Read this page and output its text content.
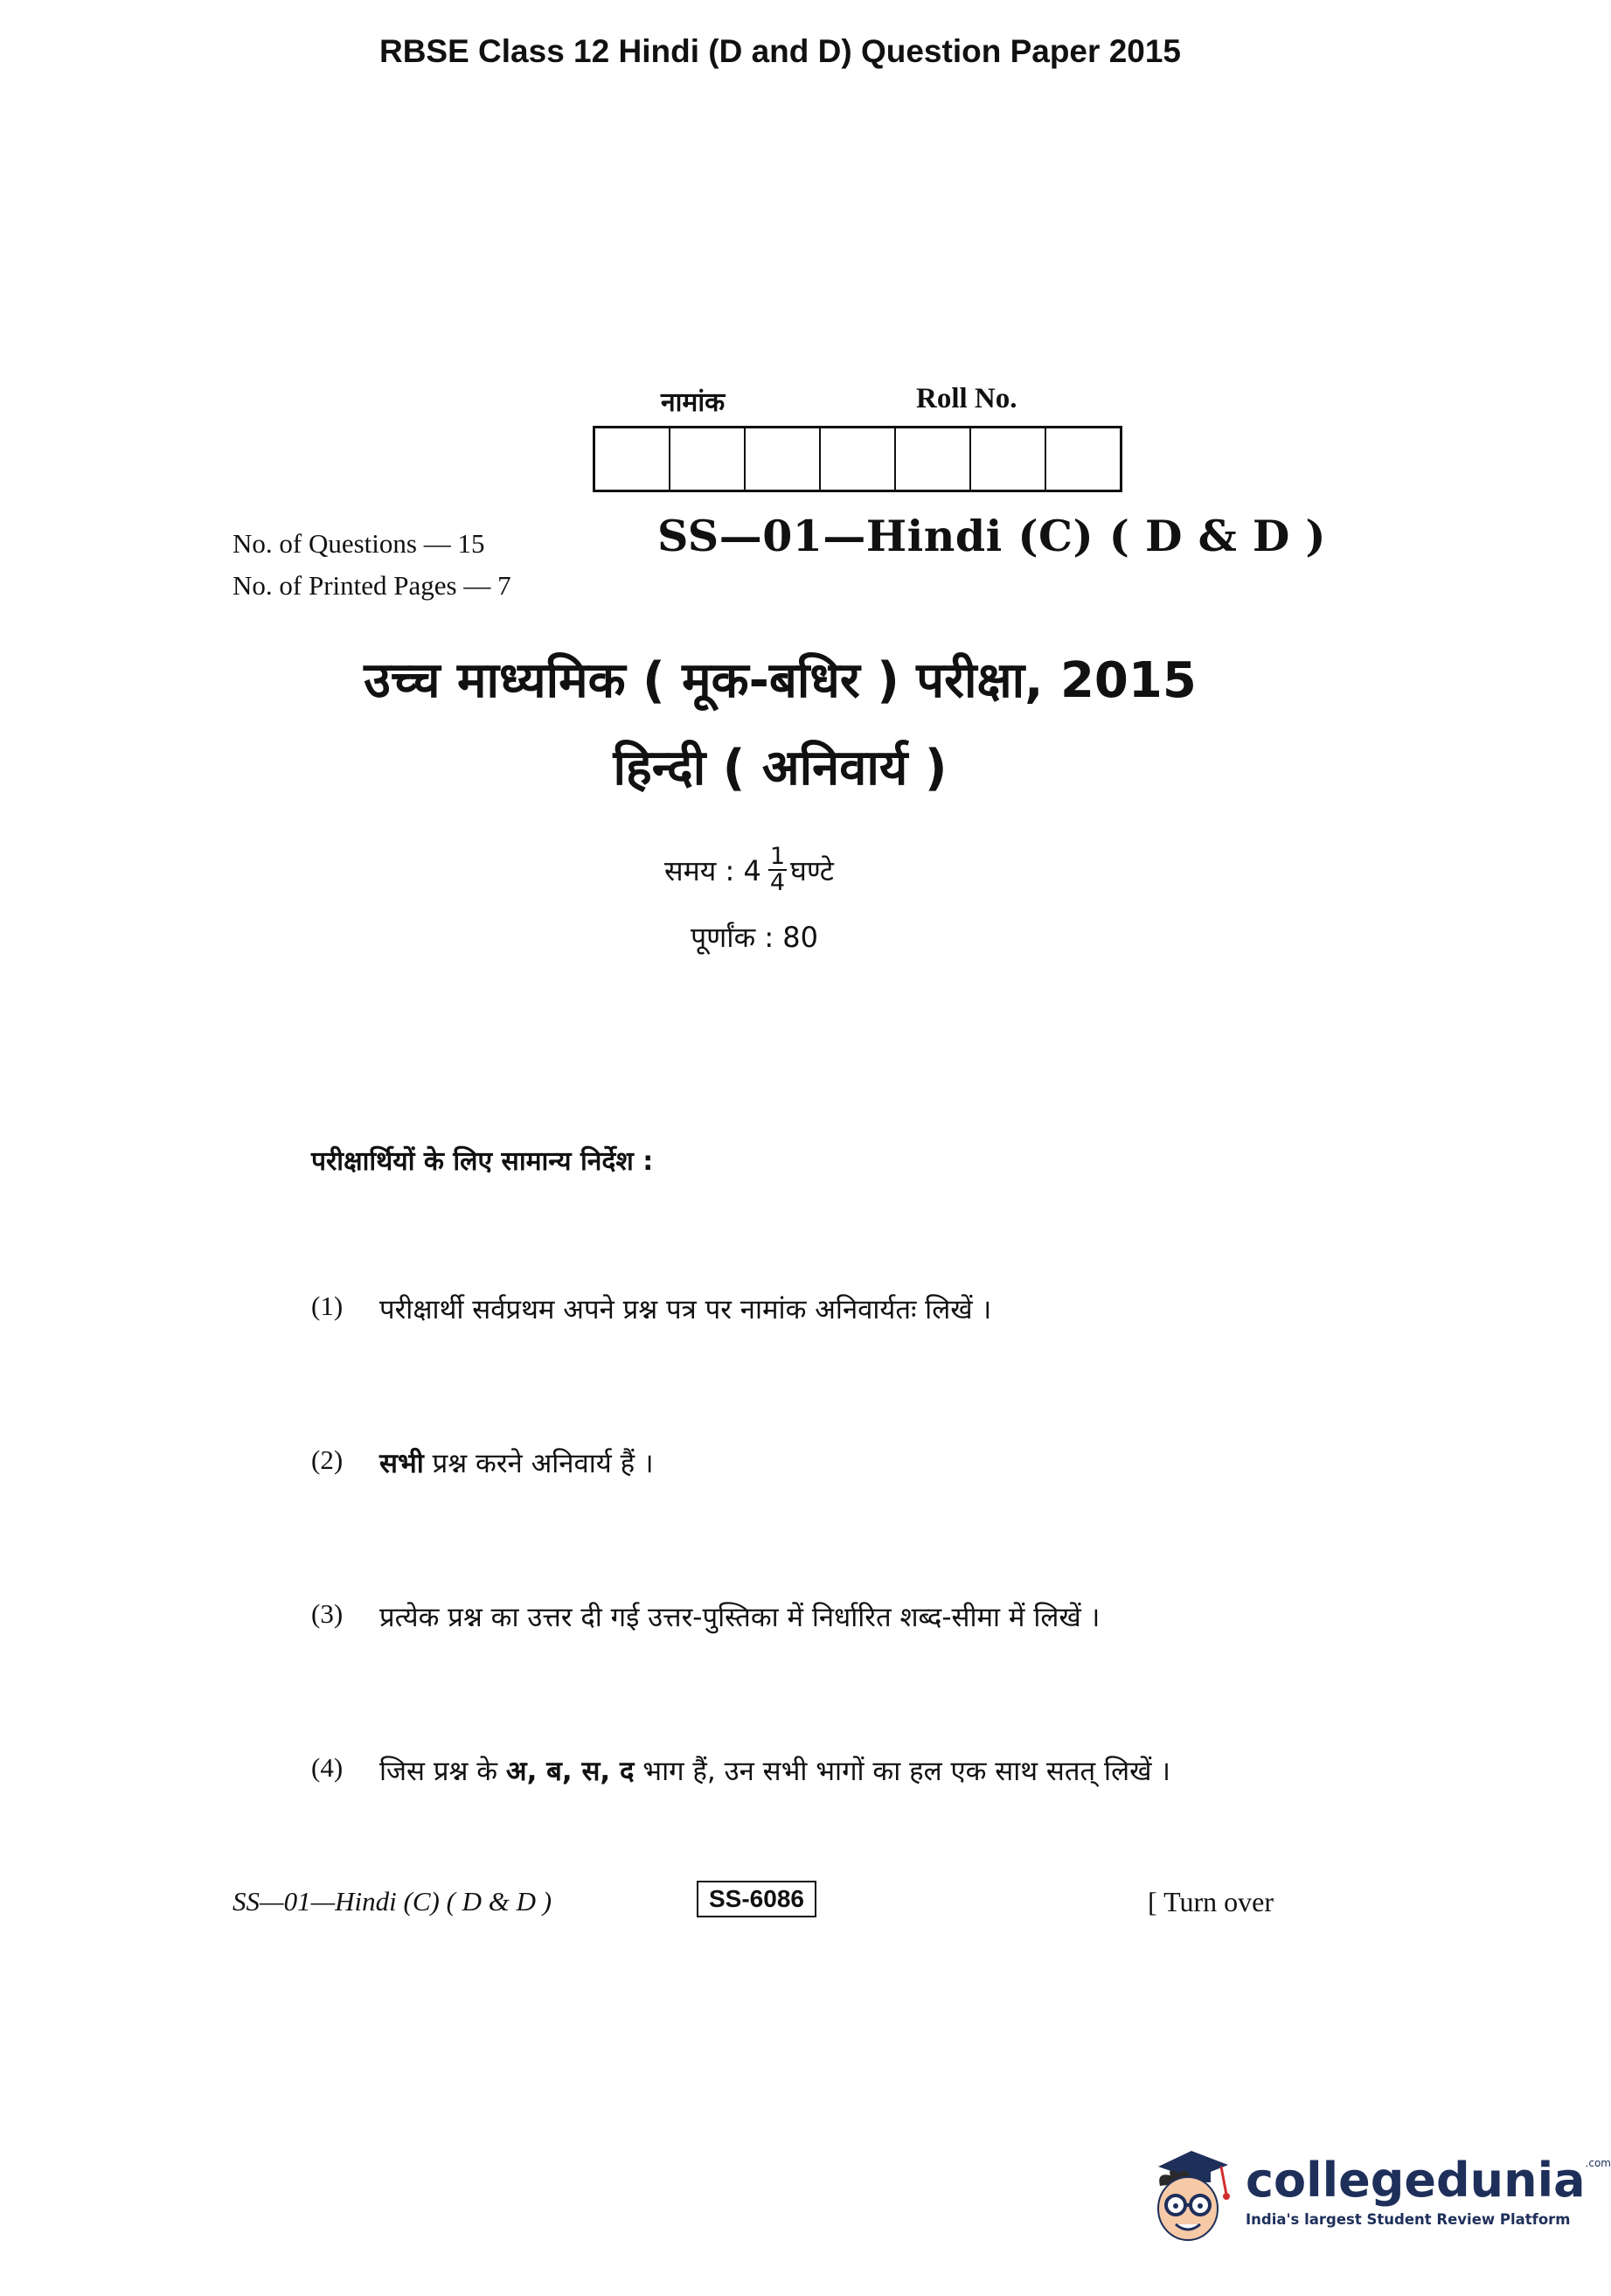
RBSE Class 12 Hindi (D and D) Question Paper 2015
नामांक	Roll No.
No. of Questions — 15
No. of Printed Pages — 7
SS—01—Hindi (C) ( D & D )
उच्च माध्यमिक ( मूक-बधिर ) परीक्षा, 2015
हिन्दी ( अनिवार्य )
समय : $4 \frac{1}{4}$ घण्टे
पूर्णांक : 80
परीक्षार्थियों के लिए सामान्य निर्देश :
(1)	परीक्षार्थी सर्वप्रथम अपने प्रश्न पत्र पर नामांक अनिवार्यतः लिखें ।
(2)	सभी प्रश्न करने अनिवार्य हैं ।
(3)	प्रत्येक प्रश्न का उत्तर दी गई उत्तर-पुस्तिका में निर्धारित शब्द-सीमा में लिखें ।
(4)	जिस प्रश्न के अ, ब, स, द भाग हैं, उन सभी भागों का हल एक साथ सतत् लिखें ।
SS—01—Hindi (C) ( D & D )	SS-6086	[ Turn over
collegedunia$^{.com}$
India's largest Student Review Platform
